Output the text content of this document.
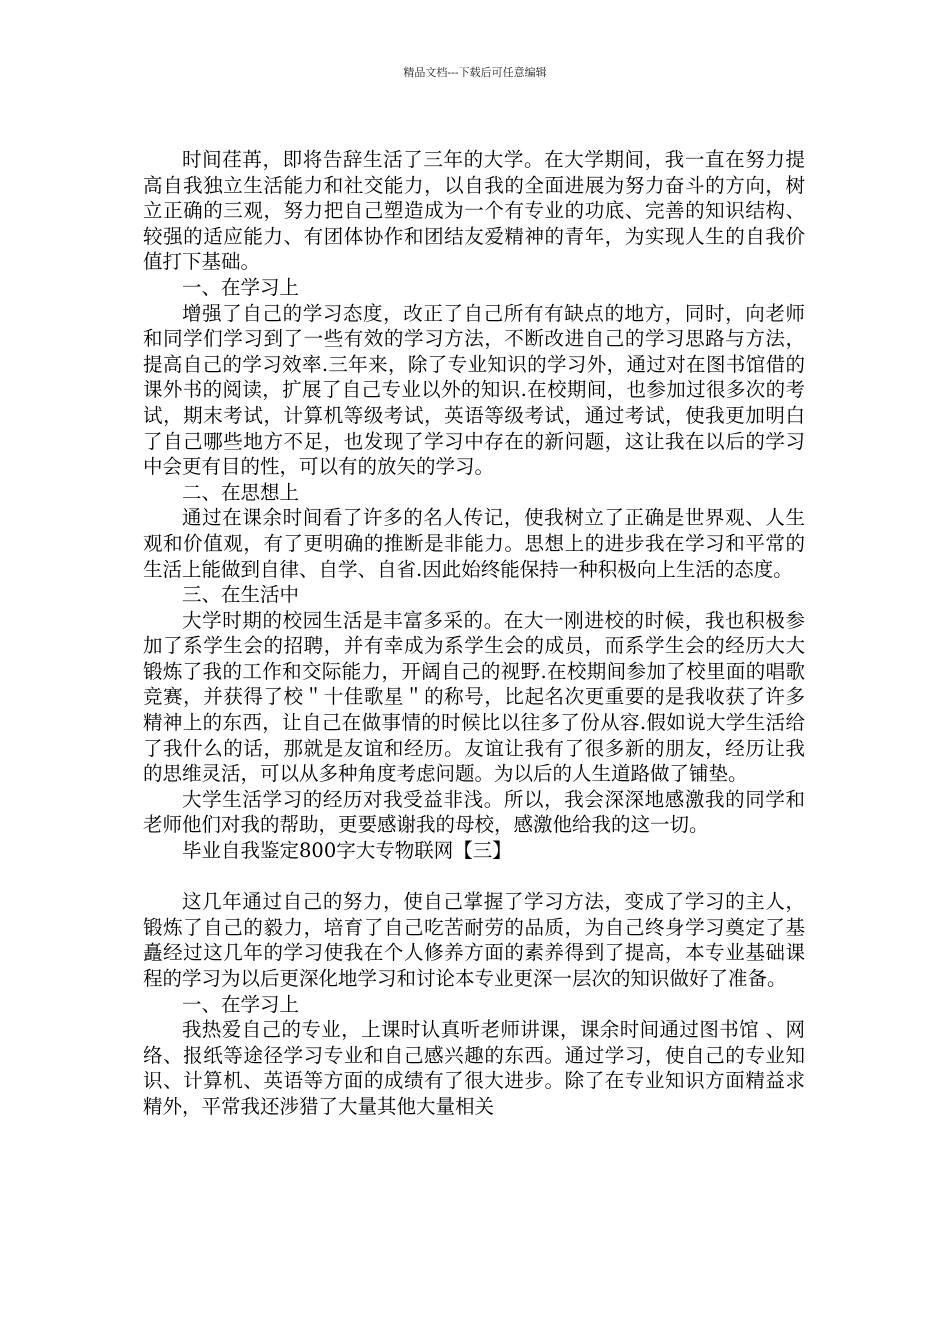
精品文档---下载后可任意编辑

时间荏苒，即将告辞生活了三年的大学。在大学期间，我一直在努力提高自我独立生活能力和社交能力，以自我的全面进展为努力奋斗的方向，树立正确的三观，努力把自己塑造成为一个有专业的功底、完善的知识结构、较强的适应能力、有团体协作和团结友爱精神的青年，为实现人生的自我价值打下基础。

一、在学习上

增强了自己的学习态度，改正了自己所有有缺点的地方，同时，向老师和同学们学习到了一些有效的学习方法，不断改进自己的学习思路与方法，提高自己的学习效率.三年来，除了专业知识的学习外，通过对在图书馆借的课外书的阅读，扩展了自己专业以外的知识.在校期间，也参加过很多次的考试，期末考试，计算机等级考试，英语等级考试，通过考试，使我更加明白了自己哪些地方不足，也发现了学习中存在的新问题，这让我在以后的学习中会更有目的性，可以有的放矢的学习。

二、在思想上

通过在课余时间看了许多的名人传记，使我树立了正确是世界观、人生观和价值观，有了更明确的推断是非能力。思想上的进步我在学习和平常的生活上能做到自律、自学、自省.因此始终能保持一种积极向上生活的态度。

三、在生活中

大学时期的校园生活是丰富多采的。在大一刚进校的时候，我也积极参加了系学生会的招聘，并有幸成为系学生会的成员，而系学生会的经历大大锻炼了我的工作和交际能力，开阔自己的视野.在校期间参加了校里面的唱歌竞赛，并获得了校＂十佳歌星＂的称号，比起名次更重要的是我收获了许多精神上的东西，让自己在做事情的时候比以往多了份从容.假如说大学生活给了我什么的话，那就是友谊和经历。友谊让我有了很多新的朋友，经历让我的思维灵活，可以从多种角度考虑问题。为以后的人生道路做了铺垫。

大学生活学习的经历对我受益非浅。所以，我会深深地感激我的同学和老师他们对我的帮助，更要感谢我的母校，感激他给我的这一切。

毕业自我鉴定800字大专物联网【三】

这几年通过自己的努力，使自己掌握了学习方法，变成了学习的主人，锻炼了自己的毅力，培育了自己吃苦耐劳的品质，为自己终身学习奠定了基矗经过这几年的学习使我在个人修养方面的素养得到了提高，本专业基础课程的学习为以后更深化地学习和讨论本专业更深一层次的知识做好了准备。

一、在学习上

我热爱自己的专业，上课时认真听老师讲课，课余时间通过图书馆 、网络、报纸等途径学习专业和自己感兴趣的东西。通过学习，使自己的专业知识、计算机、英语等方面的成绩有了很大进步。除了在专业知识方面精益求精外，平常我还涉猎了大量其他大量相关
